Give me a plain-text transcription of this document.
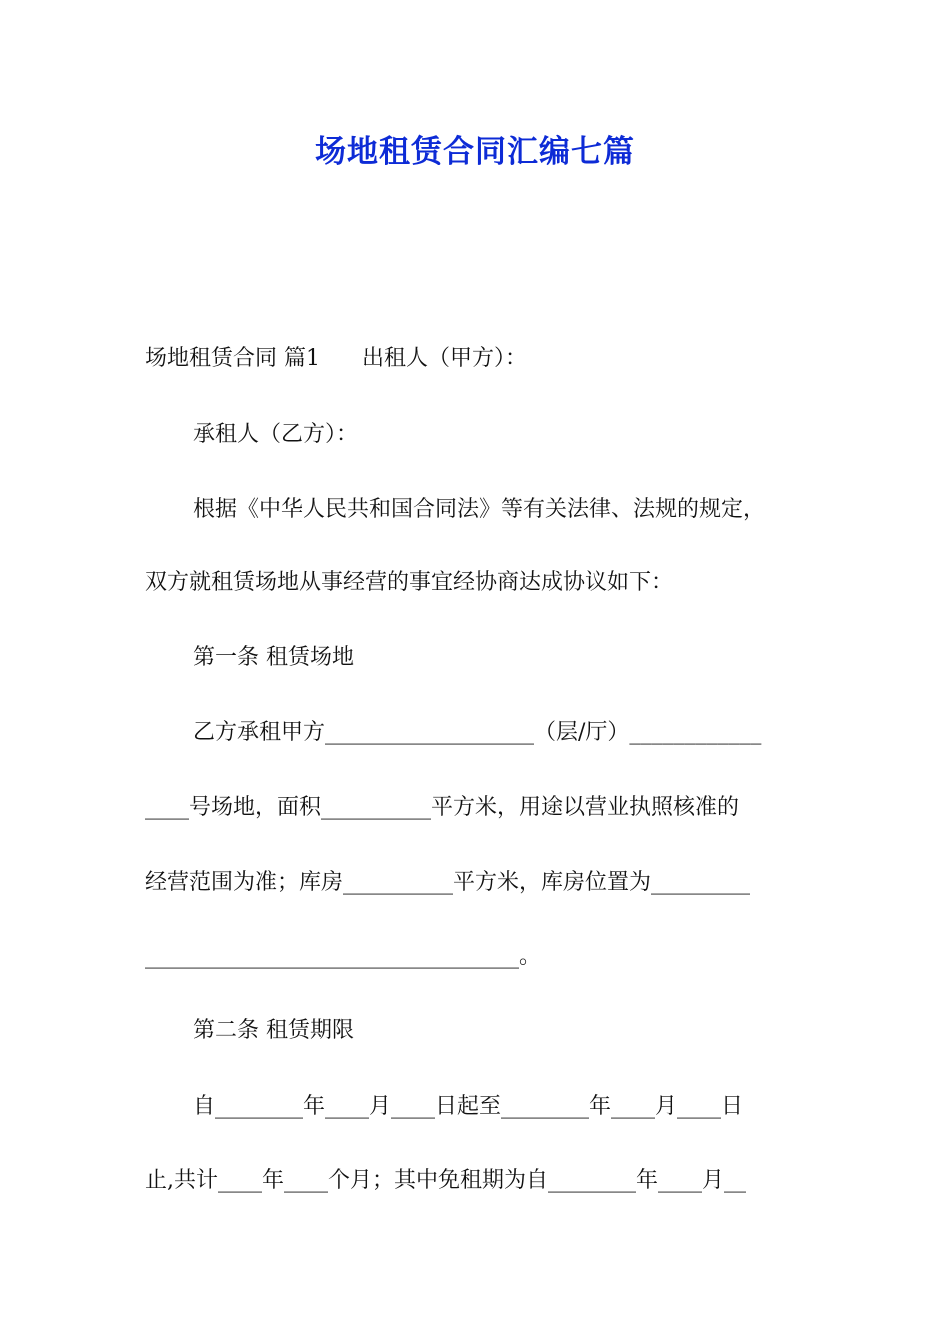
场地租赁合同汇编七篇
场地租赁合同 篇1 出租人（甲方）：
承租人（乙方）：
根据《中华人民共和国合同法》等有关法律、法规的规定，
双方就租赁场地从事经营的事宜经协商达成协议如下：
第一条 租赁场地
乙方承租甲方___________________（层/厅）____________
____号场地，面积__________平方米，用途以营业执照核准的
经营范围为准；库房__________平方米，库房位置为_________
__________________________________。
第二条 租赁期限
自________年____月____日起至________年____月____日
止,共计____年____个月；其中免租期为自________年____月__
